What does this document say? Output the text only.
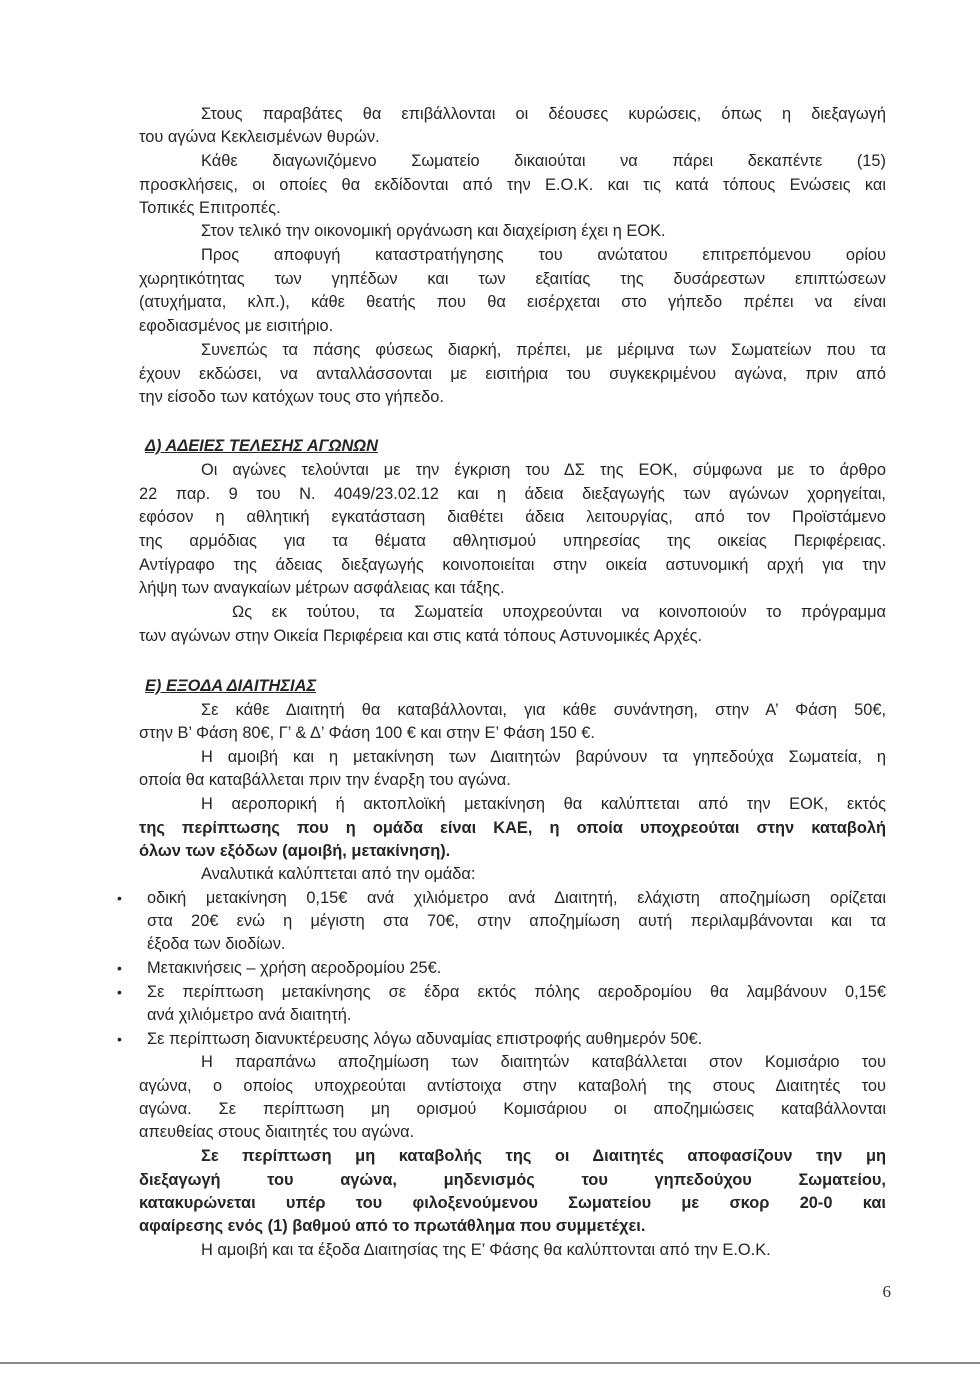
Στους παραβάτες θα επιβάλλονται οι δέουσες κυρώσεις, όπως η διεξαγωγή

του αγώνα Κεκλεισμένων θυρών.

Κάθε διαγωνιζόμενο Σωματείο δικαιούται να πάρει δεκαπέντε (15)

προσκλήσεις, οι οποίες θα εκδίδονται από την Ε.Ο.Κ. και τις κατά τόπους Ενώσεις και

Τοπικές Επιτροπές.

Στον τελικό την οικονομική οργάνωση και διαχείριση έχει η ΕΟΚ.

Προς αποφυγή καταστρατήγησης του ανώτατου επιτρεπόμενου ορίου

χωρητικότητας των γηπέδων και των εξαιτίας της δυσάρεστων επιπτώσεων

(ατυχήματα, κλπ.), κάθε θεατής που θα εισέρχεται στο γήπεδο πρέπει να είναι

εφοδιασμένος με εισιτήριο.

Συνεπώς τα πάσης φύσεως διαρκή, πρέπει, με μέριμνα των Σωματείων που τα

έχουν εκδώσει, να ανταλλάσσονται με εισιτήρια του συγκεκριμένου αγώνα, πριν από

την είσοδο των κατόχων τους στο γήπεδο.

Δ) ΑΔΕΙΕΣ ΤΕΛΕΣΗΣ ΑΓΩΝΩΝ

Οι αγώνες τελούνται με την έγκριση του ΔΣ της ΕΟΚ, σύμφωνα με το άρθρο

22 παρ. 9 του Ν. 4049/23.02.12 και η άδεια διεξαγωγής των αγώνων χορηγείται,

εφόσον η αθλητική εγκατάσταση διαθέτει άδεια λειτουργίας, από τον Προϊστάμενο

της αρμόδιας για τα θέματα αθλητισμού υπηρεσίας της οικείας Περιφέρειας.

Αντίγραφο της άδειας διεξαγωγής κοινοποιείται στην οικεία αστυνομική αρχή για την

λήψη των αναγκαίων μέτρων ασφάλειας και τάξης.

Ως εκ τούτου, τα Σωματεία υποχρεούνται να κοινοποιούν το πρόγραμμα

των αγώνων στην Οικεία Περιφέρεια και στις κατά τόπους Αστυνομικές Αρχές.

Ε) ΕΞΟΔΑ ΔΙΑΙΤΗΣΙΑΣ

Σε κάθε Διαιτητή θα καταβάλλονται, για κάθε συνάντηση, στην Α’ Φάση 50€,

στην Β’ Φάση 80€, Γ’ & Δ’ Φάση 100 € και στην Ε’ Φάση 150 €.

Η αμοιβή και η μετακίνηση των Διαιτητών βαρύνουν τα γηπεδούχα Σωματεία, η

οποία θα καταβάλλεται πριν την έναρξη του αγώνα.

Η αεροπορική ή ακτοπλοϊκή μετακίνηση θα καλύπτεται από την ΕΟΚ, εκτός

της περίπτωσης που η ομάδα είναι ΚΑΕ, η οποία υποχρεούται στην καταβολή

όλων των εξόδων (αμοιβή, μετακίνηση).

Αναλυτικά καλύπτεται από την ομάδα:

οδική μετακίνηση 0,15€ ανά χιλιόμετρο ανά Διαιτητή, ελάχιστη αποζημίωση ορίζεται

•

στα 20€ ενώ η μέγιστη στα 70€, στην αποζημίωση αυτή περιλαμβάνονται και τα

έξοδα των διοδίων.

Μετακινήσεις – χρήση αεροδρομίου 25€.

•

Σε περίπτωση μετακίνησης σε έδρα εκτός πόλης αεροδρομίου θα λαμβάνουν 0,15€

•

ανά χιλιόμετρο ανά διαιτητή.

Σε περίπτωση διανυκτέρευσης λόγω αδυναμίας επιστροφής αυθημερόν 50€.

•

Η παραπάνω αποζημίωση των διαιτητών καταβάλλεται στον Κομισάριο του

αγώνα, ο οποίος υποχρεούται αντίστοιχα στην καταβολή της στους Διαιτητές του

αγώνα. Σε περίπτωση μη ορισμού Κομισάριου οι αποζημιώσεις καταβάλλονται

απευθείας στους διαιτητές του αγώνα.

Σε περίπτωση μη καταβολής της οι Διαιτητές αποφασίζουν την μη

διεξαγωγή του αγώνα, μηδενισμός του γηπεδούχου Σωματείου,

κατακυρώνεται υπέρ του φιλοξενούμενου Σωματείου με σκορ 20-0 και

αφαίρεσης ενός (1) βαθμού από το πρωτάθλημα που συμμετέχει.

Η αμοιβή και τα έξοδα Διαιτησίας της Ε’ Φάσης θα καλύπτονται από την Ε.Ο.Κ.

6
